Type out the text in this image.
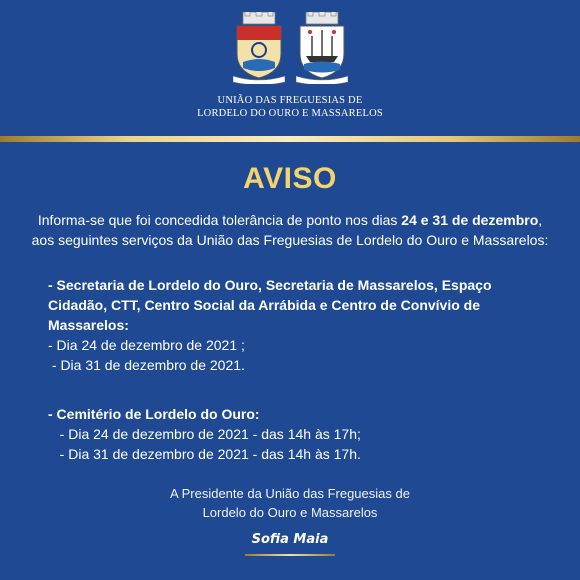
UNIÃO DAS FREGUESIAS DE
LORDELO DO OURO E MASSARELOS
AVISO
Informa-se que foi concedida tolerância de ponto nos dias 24 e 31 de dezembro,
aos seguintes serviços da União das Freguesias de Lordelo do Ouro e Massarelos:
- Secretaria de Lordelo do Ouro, Secretaria de Massarelos, Espaço
Cidadão, CTT, Centro Social da Arrábida e Centro de Convívio de
Massarelos:
- Dia 24 de dezembro de 2021 ;
- Dia 31 de dezembro de 2021.
- Cemitério de Lordelo do Ouro:
- Dia 24 de dezembro de 2021 - das 14h às 17h;
- Dia 31 de dezembro de 2021 - das 14h às 17h.
A Presidente da União das Freguesias de
Lordelo do Ouro e Massarelos
Sofia Maia
